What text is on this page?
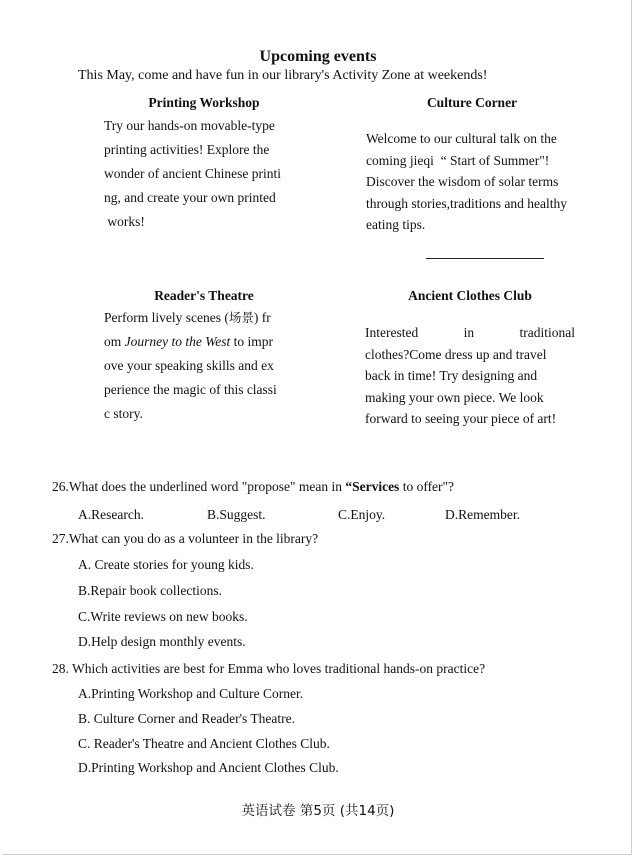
Upcoming events
This May, come and have fun in our library's Activity Zone at weekends!
Printing Workshop
Try our hands-on movable-type
printing activities! Explore the
wonder of ancient Chinese printi
ng, and create your own printed
works!
Culture Corner
Welcome to our cultural talk on the
coming jieqi  “ Start of Summer"!
Discover the wisdom of solar terms
through stories,traditions and healthy
eating tips.
Reader's Theatre
Perform lively scenes (场景) fr
om Journey to the West to impr
ove your speaking skills and ex
perience the magic of this classi
c story.
Ancient Clothes Club
Interested	in	traditional
clothes?Come dress up and travel
back in time! Try designing and
making your own piece. We look
forward to seeing your piece of art!
26.What does the underlined word "propose" mean in “Services to offer"?
A.Research.	B.Suggest.	C.Enjoy.	D.Remember.
27.What can you do as a volunteer in the library?
A. Create stories for young kids.
B.Repair book collections.
C.Write reviews on new books.
D.Help design monthly events.
28. Which activities are best for Emma who loves traditional hands-on practice?
A.Printing Workshop and Culture Corner.
B. Culture Corner and Reader's Theatre.
C. Reader's Theatre and Ancient Clothes Club.
D.Printing Workshop and Ancient Clothes Club.
英语试卷 第5页 (共14页)
